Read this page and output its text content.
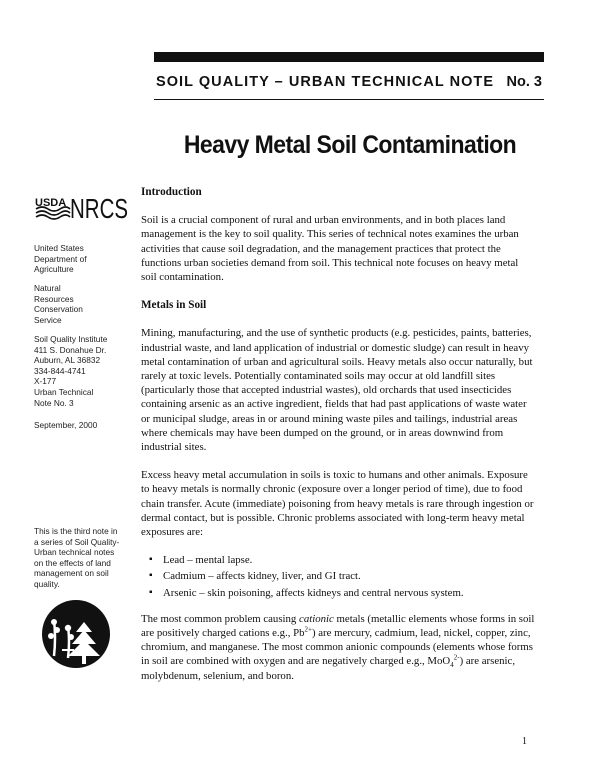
SOIL QUALITY – URBAN TECHNICAL NOTE No. 3
Heavy Metal Soil Contamination
USDA NRCS

United States

Department of

Agriculture

Natural

Resources

Conservation

Service

Soil Quality Institute

411 S. Donahue Dr.

Auburn, AL 36832

334-844-4741

X-177

Urban Technical

Note No. 3

September, 2000

This is the third note in

a series of Soil Quality-

Urban technical notes

on the effects of land

management on soil

quality.

Introduction

Soil is a crucial component of rural and urban environments, and in both places land management is the key to soil quality. This series of technical notes examines the urban activities that cause soil degradation, and the management practices that protect the functions urban societies demand from soil. This technical note focuses on heavy metal soil contamination.

Metals in Soil

Mining, manufacturing, and the use of synthetic products (e.g. pesticides, paints, batteries, industrial waste, and land application of industrial or domestic sludge) can result in heavy metal contamination of urban and agricultural soils. Heavy metals also occur naturally, but rarely at toxic levels. Potentially contaminated soils may occur at old landfill sites (particularly those that accepted industrial wastes), old orchards that used insecticides containing arsenic as an active ingredient, fields that had past applications of waste water or municipal sludge, areas in or around mining waste piles and tailings, industrial areas where chemicals may have been dumped on the ground, or in areas downwind from industrial sites.

Excess heavy metal accumulation in soils is toxic to humans and other animals. Exposure to heavy metals is normally chronic (exposure over a longer period of time), due to food chain transfer. Acute (immediate) poisoning from heavy metals is rare through ingestion or dermal contact, but is possible. Chronic problems associated with long-term heavy metal exposures are:

▪ Lead – mental lapse.
▪ Cadmium – affects kidney, liver, and GI tract.
▪ Arsenic – skin poisoning, affects kidneys and central nervous system.

The most common problem causing cationic metals (metallic elements whose forms in soil are positively charged cations e.g., $Pb^{2+}$) are mercury, cadmium, lead, nickel, copper, zinc, chromium, and manganese. The most common anionic compounds (elements whose forms in soil are combined with oxygen and are negatively charged e.g., MoO$_4^{2-}$) are arsenic, molybdenum, selenium, and boron.

1
